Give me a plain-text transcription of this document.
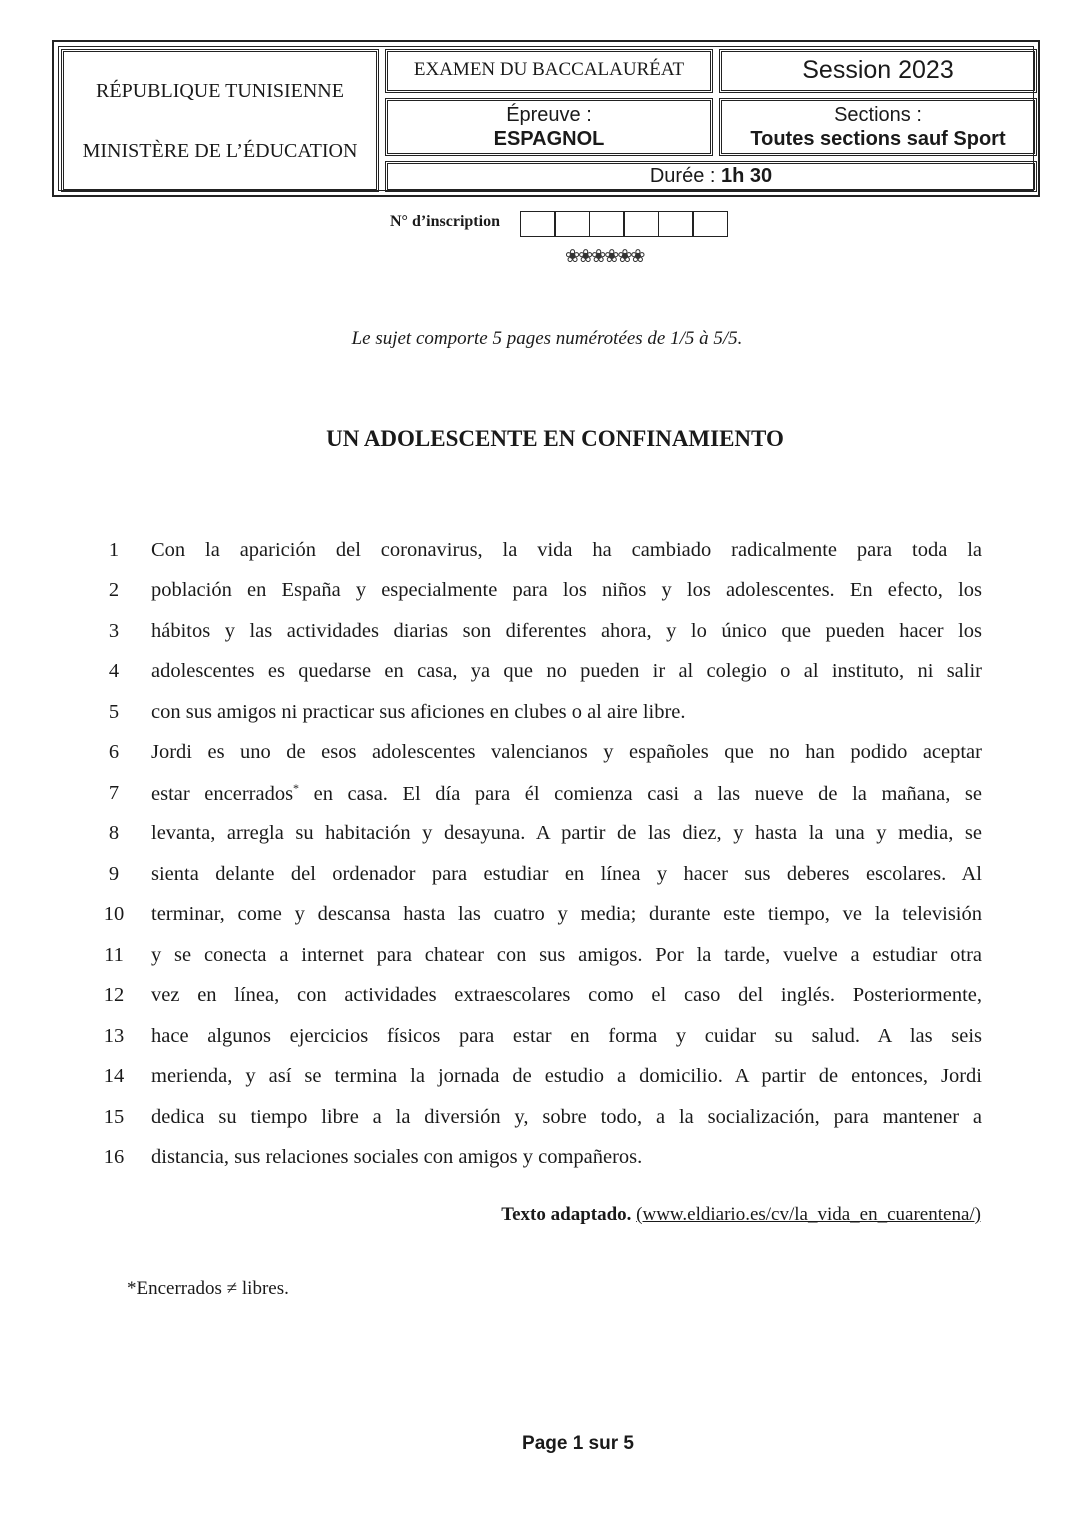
RÉPUBLIQUE TUNISIENNE
MINISTÈRE DE L’ÉDUCATION
EXAMEN DU BACCALAURÉAT	Session 2023
Épreuve :
ESPAGNOL
Sections :
Toutes sections sauf Sport
Durée : 1h 30
N° d’inscription
❀❀❀❀❀❀
Le sujet comporte 5 pages numérotées de 1/5 à 5/5.
UN ADOLESCENTE EN CONFINAMIENTO
1	Con la aparición del coronavirus, la vida ha cambiado radicalmente para toda la
2	población en España y especialmente para los niños y los adolescentes. En efecto, los
3	hábitos y las actividades diarias son diferentes ahora, y lo único que pueden hacer los
4	adolescentes es quedarse en casa, ya que no pueden ir al colegio o al instituto, ni salir
5	con sus amigos ni practicar sus aficiones en clubes o al aire libre.
6	Jordi es uno de esos adolescentes valencianos y españoles que no han podido aceptar
7	estar encerrados* en casa. El día para él comienza casi a las nueve de la mañana, se
8	levanta, arregla su habitación y desayuna. A partir de las diez, y hasta la una y media, se
9	sienta delante del ordenador para estudiar en línea y hacer sus deberes escolares. Al
10	terminar, come y descansa hasta las cuatro y media; durante este tiempo, ve la televisión
11	y se conecta a internet para chatear con sus amigos. Por la tarde, vuelve a estudiar otra
12	vez en línea, con actividades extraescolares como el caso del inglés. Posteriormente,
13	hace algunos ejercicios físicos para estar en forma y cuidar su salud. A las seis
14	merienda, y así se termina la jornada de estudio a domicilio. A partir de entonces, Jordi
15	dedica su tiempo libre a la diversión y, sobre todo, a la socialización, para mantener a
16	distancia, sus relaciones sociales con amigos y compañeros.
Texto adaptado. (www.eldiario.es/cv/la_vida_en_cuarentena/)
*Encerrados ≠ libres.
Page 1 sur 5
